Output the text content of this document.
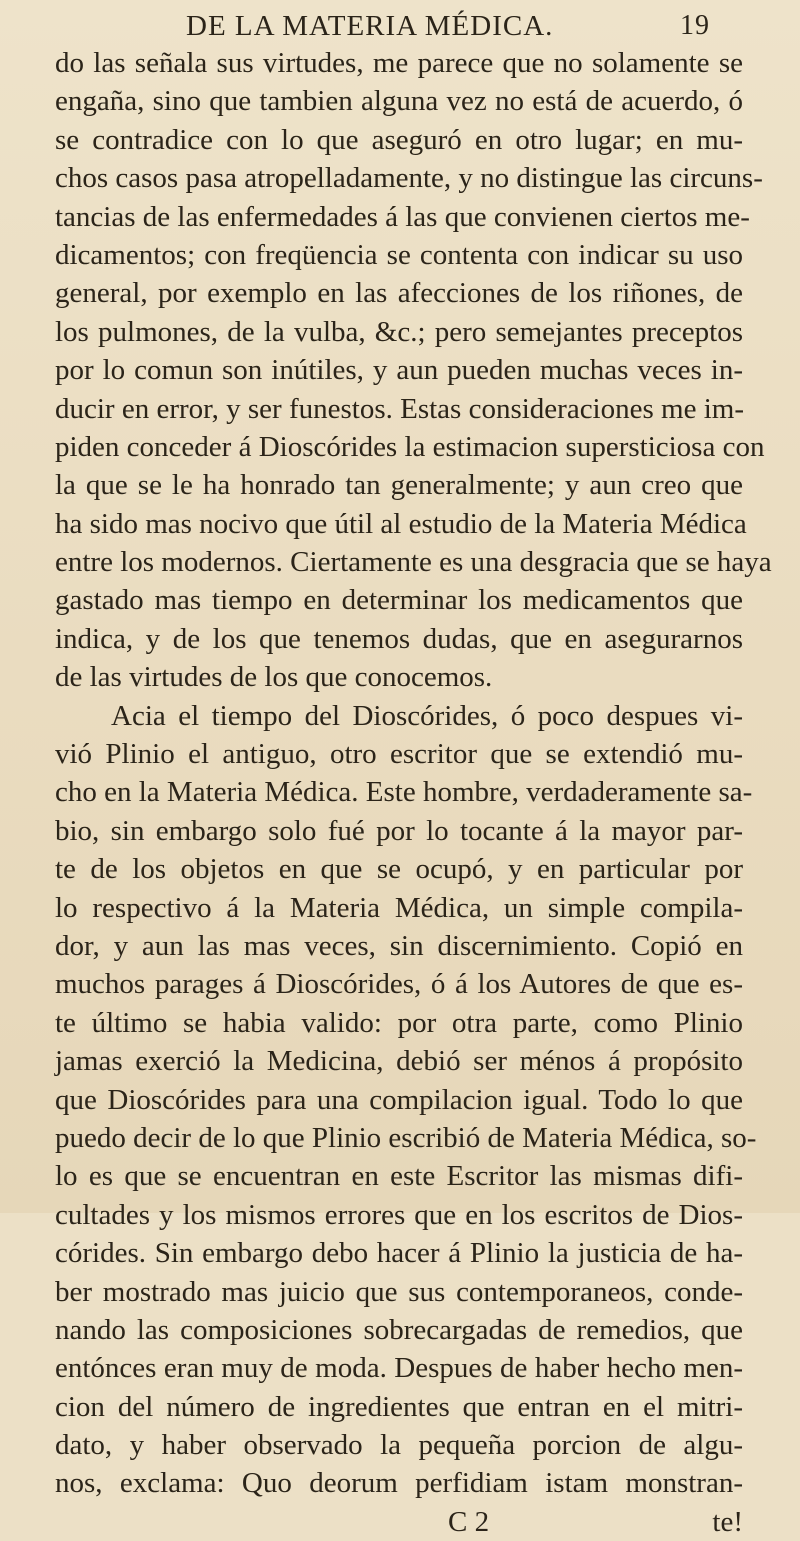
DE LA MATERIA MÉDICA.	19
do las señala sus virtudes, me parece que no solamente se
engaña, sino que tambien alguna vez no está de acuerdo, ó
se contradice con lo que aseguró en otro lugar; en mu-
chos casos pasa atropelladamente, y no distingue las circuns-
tancias de las enfermedades á las que convienen ciertos me-
dicamentos; con freqüencia se contenta con indicar su uso
general, por exemplo en las afecciones de los riñones, de
los pulmones, de la vulba, &c.; pero semejantes preceptos
por lo comun son inútiles, y aun pueden muchas veces in-
ducir en error, y ser funestos. Estas consideraciones me im-
piden conceder á Dioscórides la estimacion supersticiosa con
la que se le ha honrado tan generalmente; y aun creo que
ha sido mas nocivo que útil al estudio de la Materia Médica
entre los modernos. Ciertamente es una desgracia que se haya
gastado mas tiempo en determinar los medicamentos que
indica, y de los que tenemos dudas, que en asegurarnos
de las virtudes de los que conocemos.
Acia el tiempo del Dioscórides, ó poco despues vi-
vió Plinio el antiguo, otro escritor que se extendió mu-
cho en la Materia Médica. Este hombre, verdaderamente sa-
bio, sin embargo solo fué por lo tocante á la mayor par-
te de los objetos en que se ocupó, y en particular por
lo respectivo á la Materia Médica, un simple compila-
dor, y aun las mas veces, sin discernimiento. Copió en
muchos parages á Dioscórides, ó á los Autores de que es-
te último se habia valido: por otra parte, como Plinio
jamas exerció la Medicina, debió ser ménos á propósito
que Dioscórides para una compilacion igual. Todo lo que
puedo decir de lo que Plinio escribió de Materia Médica, so-
lo es que se encuentran en este Escritor las mismas difi-
cultades y los mismos errores que en los escritos de Dios-
córides. Sin embargo debo hacer á Plinio la justicia de ha-
ber mostrado mas juicio que sus contemporaneos, conde-
nando las composiciones sobrecargadas de remedios, que
entónces eran muy de moda. Despues de haber hecho men-
cion del número de ingredientes que entran en el mitri-
dato, y haber observado la pequeña porcion de algu-
nos, exclama: Quo deorum perfidiam istam monstran-
C 2	te!
